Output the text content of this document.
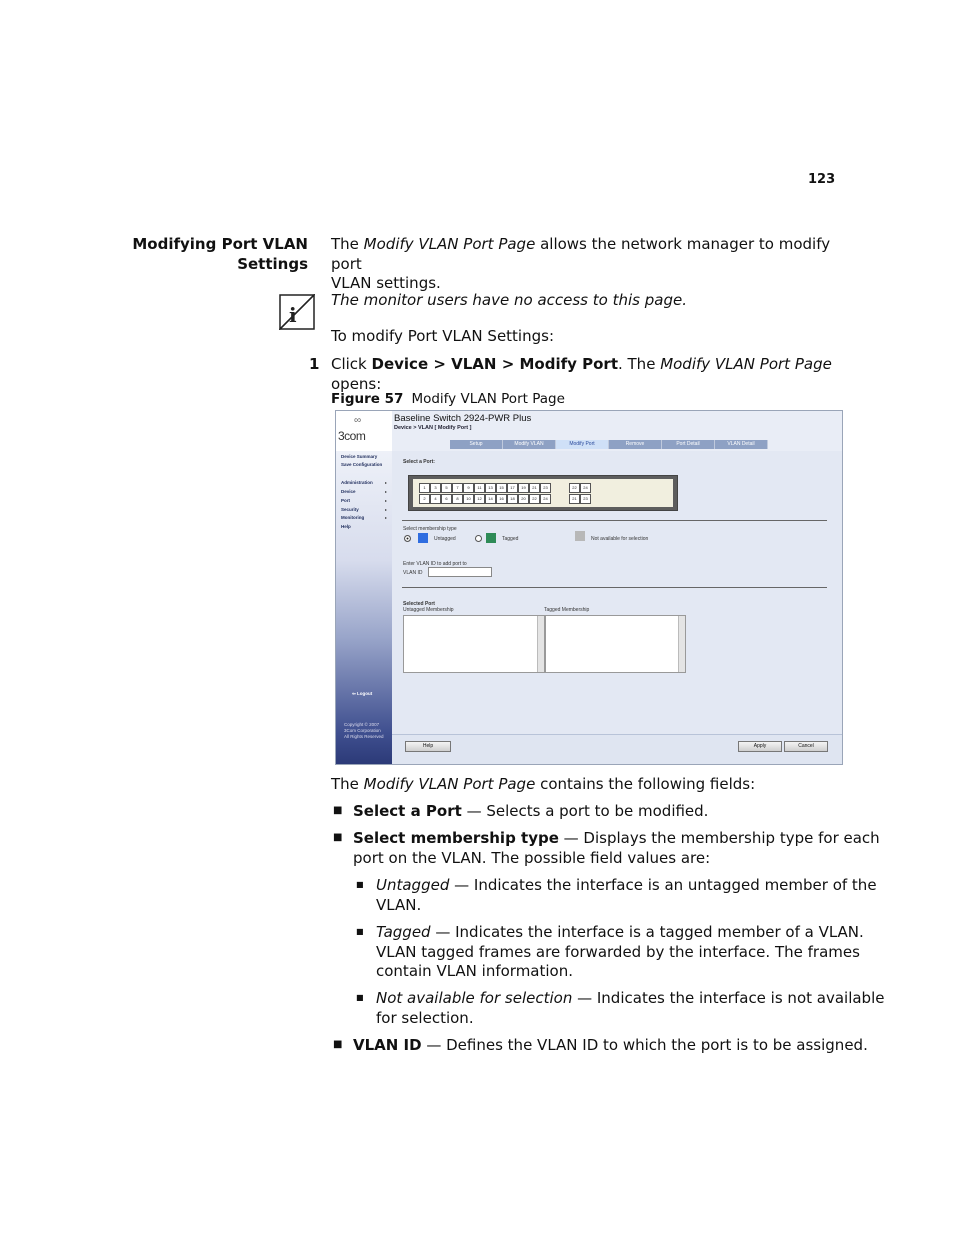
123
Modifying Port VLAN
Settings
The Modify VLAN Port Page allows the network manager to modify port
VLAN settings.
i
The monitor users have no access to this page.
To modify Port VLAN Settings:
1 Click Device > VLAN > Modify Port. The Modify VLAN Port Page opens:
Figure 57 Modify VLAN Port Page
∞
3com
Baseline Switch 2924-PWR Plus
Device > VLAN [ Modify Port ]
Setup	Modify VLAN	Modify Port	Remove	Port Detail	VLAN Detail
Device Summary
Save Configuration
Administration	▸
Device	▸
Port	▸
Security	▸
Monitoring	▸
Help
⇦ Logout
Copyright © 2007
3Com Corporation
All Rights Reserved
Select a Port:
1	3	5	7	9	11	13	15	17	19	21	23
2	4	6	8	10	12	14	16	18	20	22	24
22	24
21	23
Select membership type
Untagged	Tagged	Not available for selection
Enter VLAN ID to add port to
VLAN ID
Selected Port
Untagged Membership	Tagged Membership
Help	Apply	Cancel
The Modify VLAN Port Page contains the following fields:
■ Select a Port — Selects a port to be modified.
■ Select membership type — Displays the membership type for each
port on the VLAN. The possible field values are:
■ Untagged — Indicates the interface is an untagged member of the
VLAN.
■ Tagged — Indicates the interface is a tagged member of a VLAN.
VLAN tagged frames are forwarded by the interface. The frames
contain VLAN information.
■ Not available for selection — Indicates the interface is not available
for selection.
■ VLAN ID — Defines the VLAN ID to which the port is to be assigned.
